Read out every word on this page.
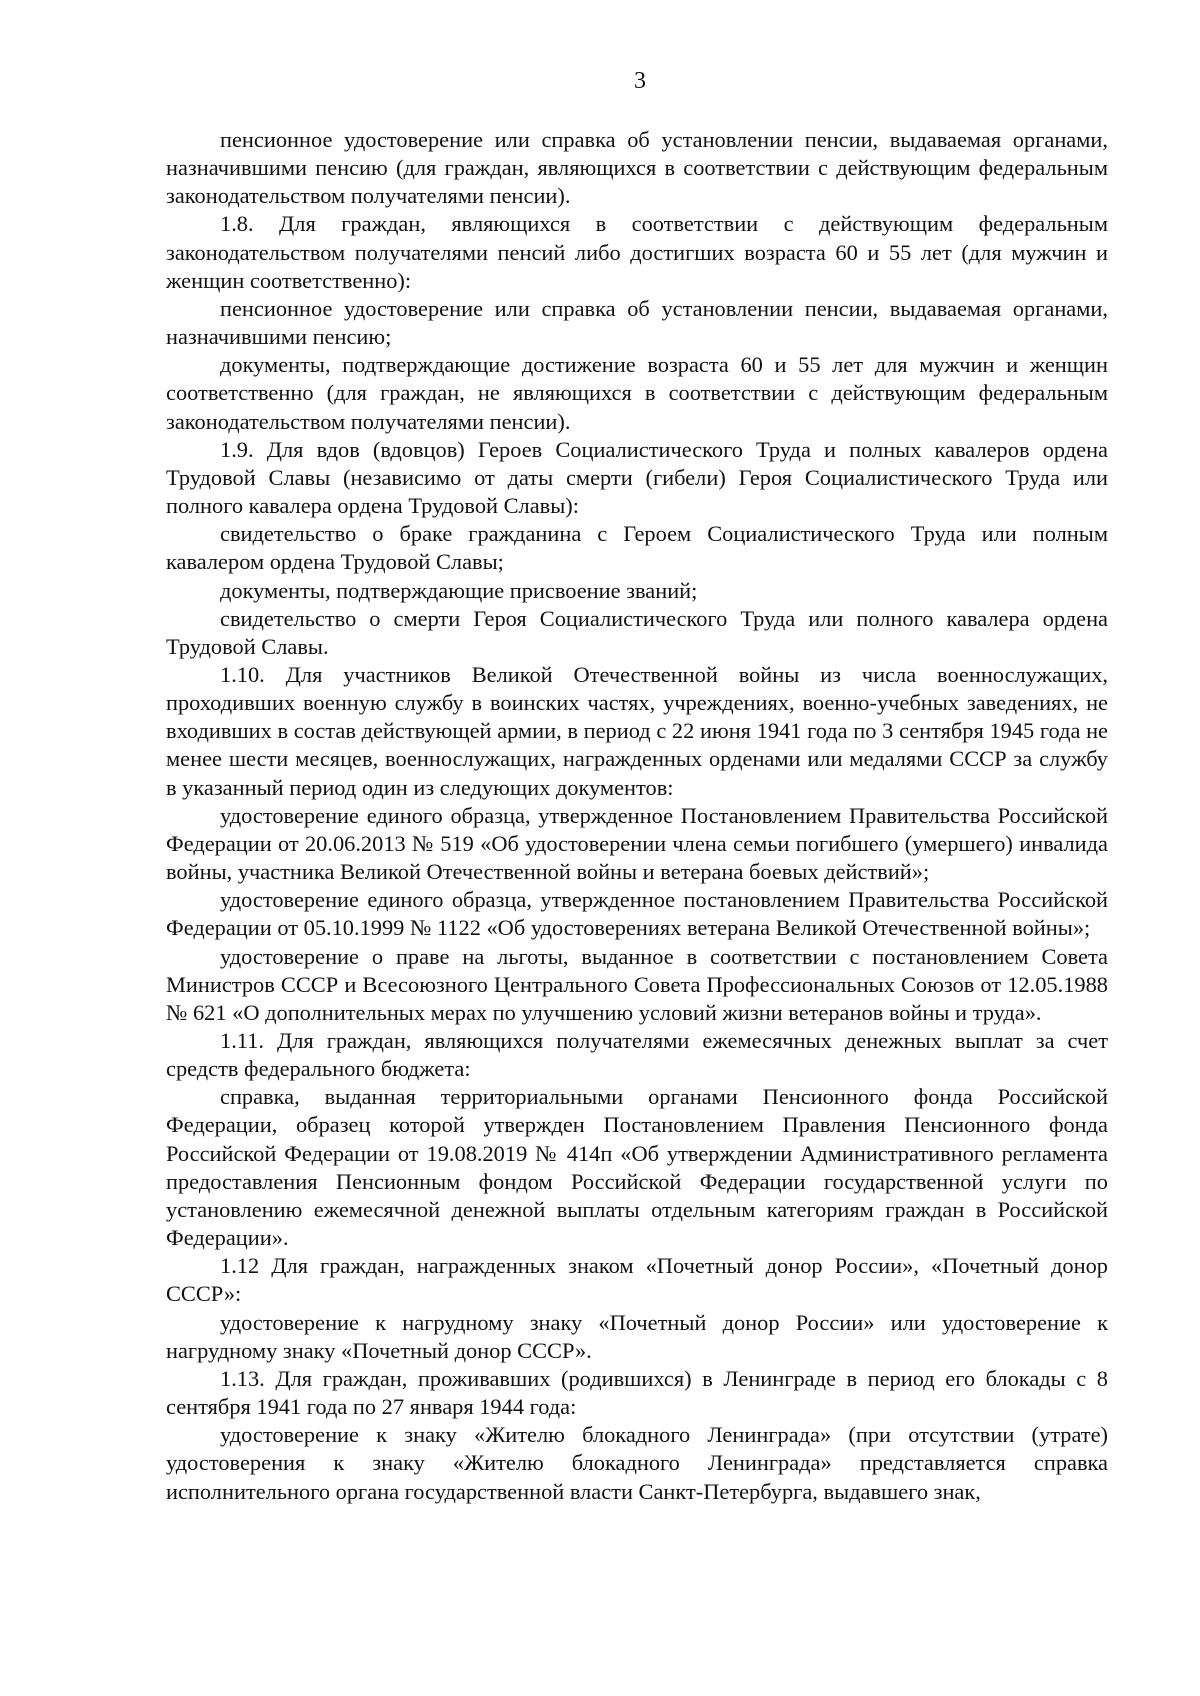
3

пенсионное удостоверение или справка об установлении пенсии, выдаваемая органами, назначившими пенсию (для граждан, являющихся в соответствии с действующим федеральным законодательством получателями пенсии).

1.8. Для граждан, являющихся в соответствии с действующим федеральным законодательством получателями пенсий либо достигших возраста 60 и 55 лет (для мужчин и женщин соответственно):

пенсионное удостоверение или справка об установлении пенсии, выдаваемая органами, назначившими пенсию;

документы, подтверждающие достижение возраста 60 и 55 лет для мужчин и женщин соответственно (для граждан, не являющихся в соответствии с действующим федеральным законодательством получателями пенсии).

1.9. Для вдов (вдовцов) Героев Социалистического Труда и полных кавалеров ордена Трудовой Славы (независимо от даты смерти (гибели) Героя Социалистического Труда или полного кавалера ордена Трудовой Славы):

свидетельство о браке гражданина с Героем Социалистического Труда или полным кавалером ордена Трудовой Славы;

документы, подтверждающие присвоение званий;

свидетельство о смерти Героя Социалистического Труда или полного кавалера ордена Трудовой Славы.

1.10. Для участников Великой Отечественной войны из числа военнослужащих, проходивших военную службу в воинских частях, учреждениях, военно-учебных заведениях, не входивших в состав действующей армии, в период с 22 июня 1941 года по 3 сентября 1945 года не менее шести месяцев, военнослужащих, награжденных орденами или медалями СССР за службу в указанный период один из следующих документов:

удостоверение единого образца, утвержденное Постановлением Правительства Российской Федерации от 20.06.2013 № 519 «Об удостоверении члена семьи погибшего (умершего) инвалида войны, участника Великой Отечественной войны и ветерана боевых действий»;

удостоверение единого образца, утвержденное постановлением Правительства Российской Федерации от 05.10.1999 № 1122 «Об удостоверениях ветерана Великой Отечественной войны»;

удостоверение о праве на льготы, выданное в соответствии с постановлением Совета Министров СССР и Всесоюзного Центрального Совета Профессиональных Союзов от 12.05.1988 № 621 «О дополнительных мерах по улучшению условий жизни ветеранов войны и труда».

1.11. Для граждан, являющихся получателями ежемесячных денежных выплат за счет средств федерального бюджета:

справка, выданная территориальными органами Пенсионного фонда Российской Федерации, образец которой утвержден Постановлением Правления Пенсионного фонда Российской Федерации от 19.08.2019 № 414п «Об утверждении Административного регламента предоставления Пенсионным фондом Российской Федерации государственной услуги по установлению ежемесячной денежной выплаты отдельным категориям граждан в Российской Федерации».

1.12 Для граждан, награжденных знаком «Почетный донор России», «Почетный донор СССР»:

удостоверение к нагрудному знаку «Почетный донор России» или удостоверение к нагрудному знаку «Почетный донор СССР».

1.13. Для граждан, проживавших (родившихся) в Ленинграде в период его блокады с 8 сентября 1941 года по 27 января 1944 года:

удостоверение к знаку «Жителю блокадного Ленинграда» (при отсутствии (утрате) удостоверения к знаку «Жителю блокадного Ленинграда» представляется справка исполнительного органа государственной власти Санкт-Петербурга, выдавшего знак,
